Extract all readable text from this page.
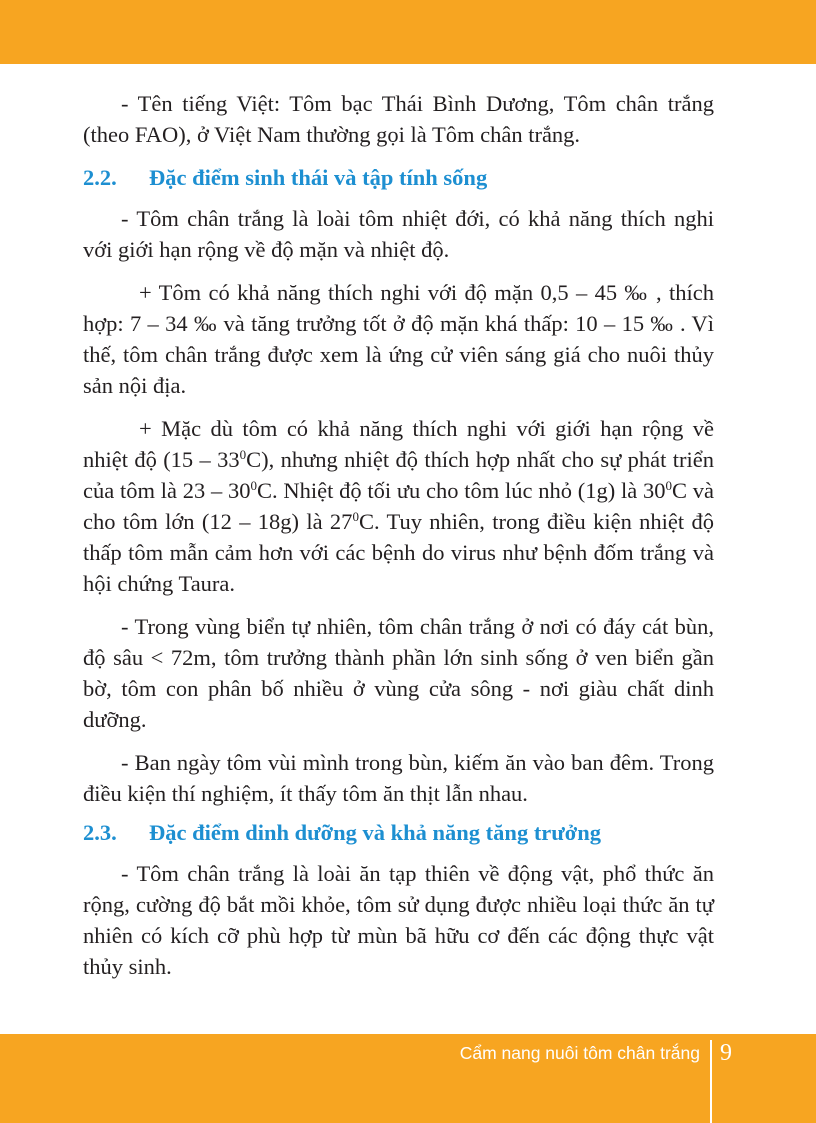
- Tên tiếng Việt: Tôm bạc Thái Bình Dương, Tôm chân trắng (theo FAO), ở Việt Nam thường gọi là Tôm chân trắng.

2.2.	Đặc điểm sinh thái và tập tính sống

- Tôm chân trắng là loài tôm nhiệt đới, có khả năng thích nghi với giới hạn rộng về độ mặn và nhiệt độ.

+ Tôm có khả năng thích nghi với độ mặn 0,5 – 45 ‰ , thích hợp: 7 – 34 ‰ và tăng trưởng tốt ở độ mặn khá thấp: 10 – 15 ‰ . Vì thế, tôm chân trắng được xem là ứng cử viên sáng giá cho nuôi thủy sản nội địa.

+ Mặc dù tôm có khả năng thích nghi với giới hạn rộng về nhiệt độ $(15 - 33^0C)$, nhưng nhiệt độ thích hợp nhất cho sự phát triển của tôm là $23 - 30^0C$. Nhiệt độ tối ưu cho tôm lúc nhỏ (1g) là $30^0C$ và cho tôm lớn (12 – 18g) là $27^0C$. Tuy nhiên, trong điều kiện nhiệt độ thấp tôm mẫn cảm hơn với các bệnh do virus như bệnh đốm trắng và hội chứng Taura.

- Trong vùng biển tự nhiên, tôm chân trắng ở nơi có đáy cát bùn, độ sâu < 72m, tôm trưởng thành phần lớn sinh sống ở ven biển gần bờ, tôm con phân bố nhiều ở vùng cửa sông - nơi giàu chất dinh dưỡng.

- Ban ngày tôm vùi mình trong bùn, kiếm ăn vào ban đêm. Trong điều kiện thí nghiệm, ít thấy tôm ăn thịt lẫn nhau.

2.3.	Đặc điểm dinh dưỡng và khả năng tăng trưởng

- Tôm chân trắng là loài ăn tạp thiên về động vật, phổ thức ăn rộng, cường độ bắt mồi khỏe, tôm sử dụng được nhiều loại thức ăn tự nhiên có kích cỡ phù hợp từ mùn bã hữu cơ đến các động thực vật thủy sinh.

Cẩm nang nuôi tôm chân trắng 9
